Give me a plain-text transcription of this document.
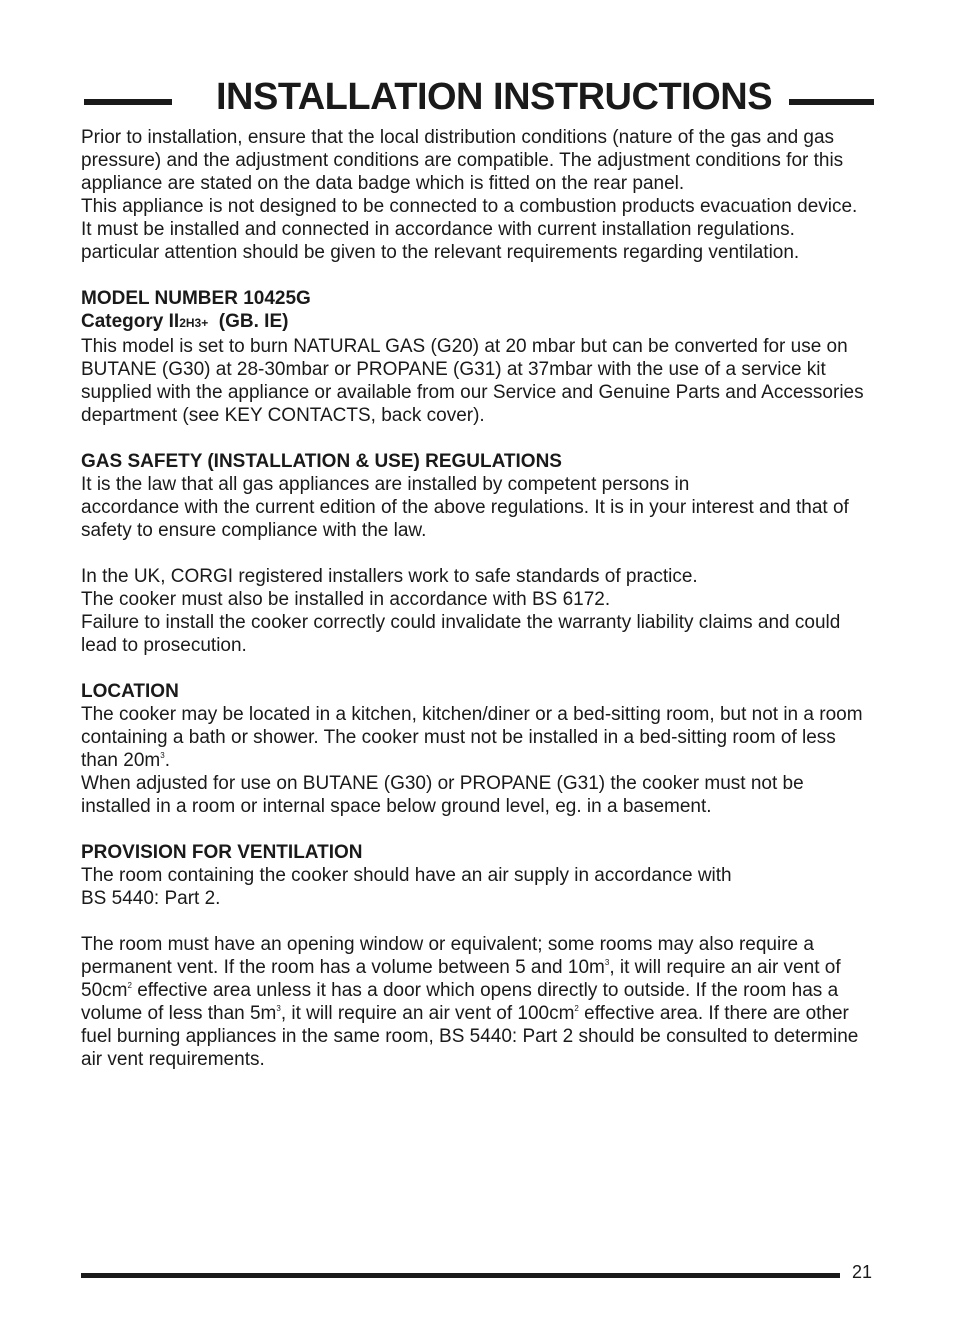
INSTALLATION INSTRUCTIONS

Prior to installation, ensure that the local distribution conditions (nature of the gas and gas pressure) and the adjustment conditions are compatible. The adjustment conditions for this appliance are stated on the data badge which is fitted on the rear panel.

This appliance is not designed to be connected to a combustion products evacuation device. It must be installed and connected in accordance with current installation regulations. particular attention should be given to the relevant requirements regarding ventilation.

MODEL NUMBER 10425G

Category II2H3+ (GB. IE)

This model is set to burn NATURAL GAS (G20) at 20 mbar but can be converted for use on BUTANE (G30) at 28-30mbar or PROPANE (G31) at 37mbar with the use of a service kit supplied with the appliance or available from our Service and Genuine Parts and Accessories department (see KEY CONTACTS, back cover).

GAS SAFETY (INSTALLATION & USE) REGULATIONS

It is the law that all gas appliances are installed by competent persons in
accordance with the current edition of the above regulations. It is in your interest and that of safety to ensure compliance with the law.

In the UK, CORGI registered installers work to safe standards of practice.

The cooker must also be installed in accordance with BS 6172.

Failure to install the cooker correctly could invalidate the warranty liability claims and could lead to prosecution.

LOCATION

The cooker may be located in a kitchen, kitchen/diner or a bed-sitting room, but not in a room containing a bath or shower. The cooker must not be installed in a bed-sitting room of less than $20m^3$.

When adjusted for use on BUTANE (G30) or PROPANE (G31) the cooker must not be installed in a room or internal space below ground level, eg. in a basement.

PROVISION FOR VENTILATION

The room containing the cooker should have an air supply in accordance with
BS 5440: Part 2.

The room must have an opening window or equivalent; some rooms may also require a permanent vent. If the room has a volume between 5 and $10m^3$, it will require an air vent of $50cm^2$ effective area unless it has a door which opens directly to outside. If the room has a volume of less than $5m^3$, it will require an air vent of $100cm^2$ effective area. If there are other fuel burning appliances in the same room, BS 5440: Part 2 should be consulted to determine air vent requirements.

21
